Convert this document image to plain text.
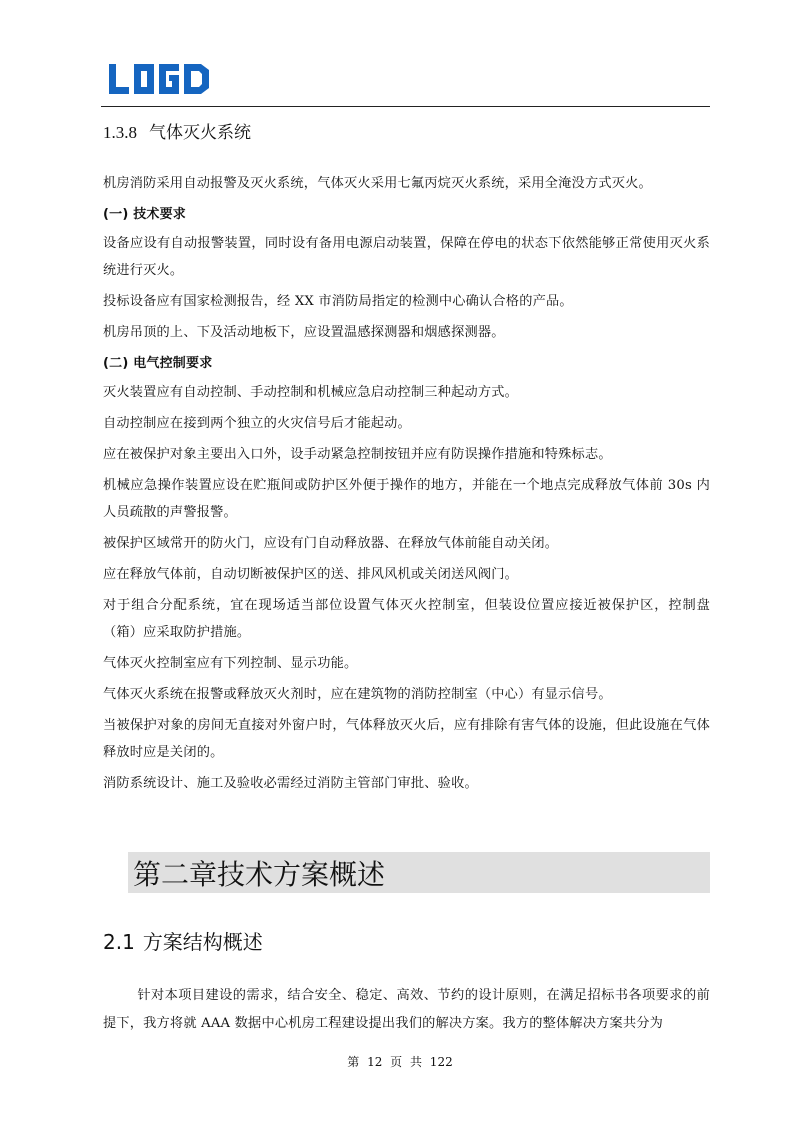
1.3.8 气体灭火系统

机房消防采用自动报警及灭火系统，气体灭火采用七氟丙烷灭火系统，采用全淹没方式灭火。

(一) 技术要求

设备应设有自动报警装置，同时设有备用电源启动装置，保障在停电的状态下依然能够正常使用灭火系统进行灭火。

投标设备应有国家检测报告，经 XX 市消防局指定的检测中心确认合格的产品。

机房吊顶的上、下及活动地板下，应设置温感探测器和烟感探测器。

(二) 电气控制要求

灭火装置应有自动控制、手动控制和机械应急启动控制三种起动方式。

自动控制应在接到两个独立的火灾信号后才能起动。

应在被保护对象主要出入口外，设手动紧急控制按钮并应有防误操作措施和特殊标志。

机械应急操作装置应设在贮瓶间或防护区外便于操作的地方，并能在一个地点完成释放气体前 30s 内人员疏散的声警报警。

被保护区域常开的防火门，应设有门自动释放器、在释放气体前能自动关闭。

应在释放气体前，自动切断被保护区的送、排风风机或关闭送风阀门。

对于组合分配系统，宜在现场适当部位设置气体灭火控制室，但装设位置应接近被保护区，控制盘（箱）应采取防护措施。

气体灭火控制室应有下列控制、显示功能。

气体灭火系统在报警或释放灭火剂时，应在建筑物的消防控制室（中心）有显示信号。

当被保护对象的房间无直接对外窗户时，气体释放灭火后，应有排除有害气体的设施，但此设施在气体释放时应是关闭的。

消防系统设计、施工及验收必需经过消防主管部门审批、验收。

第二章技术方案概述
2.1 方案结构概述
针对本项目建设的需求，结合安全、稳定、高效、节约的设计原则，在满足招标书各项要求的前提下，我方将就 AAA 数据中心机房工程建设提出我们的解决方案。我方的整体解决方案共分为
第 12 页 共 122
